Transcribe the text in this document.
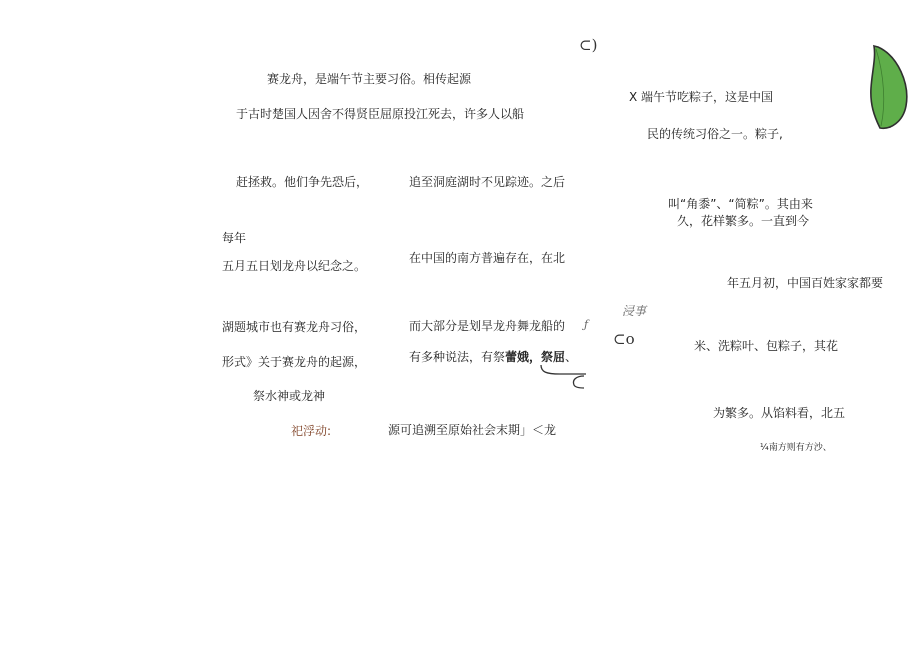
⊂)
赛龙舟，是端午节主要习俗。相传起源
于古时楚国人因舍不得贤臣屈原投江死去，许多人以船
赶拯救。他们争先恐后，
每年
五月五日划龙舟以纪念之。
湖题城市也有赛龙舟习俗，
形式》关于赛龙舟的起源，
祭水神或龙神
祀浮动:
追至洞庭湖时不见踪迹。之后
在中国的南方普遍存在，在北
而大部分是划旱龙舟舞龙船的	ƒ
有多种说法，有祭蕾娥，祭屈、
源可追溯至原始社会末期」＜龙
浸事
⊂o
X 端午节吃粽子，这是中国
民的传统习俗之一。粽子,
叫“角黍”、“简粽”。其由来
久，花样繁多。一直到今
年五月初，中国百姓家家都要
米、洗粽叶、包粽子，其花
为繁多。从馅料看，北五
¼南方则有方沙、
